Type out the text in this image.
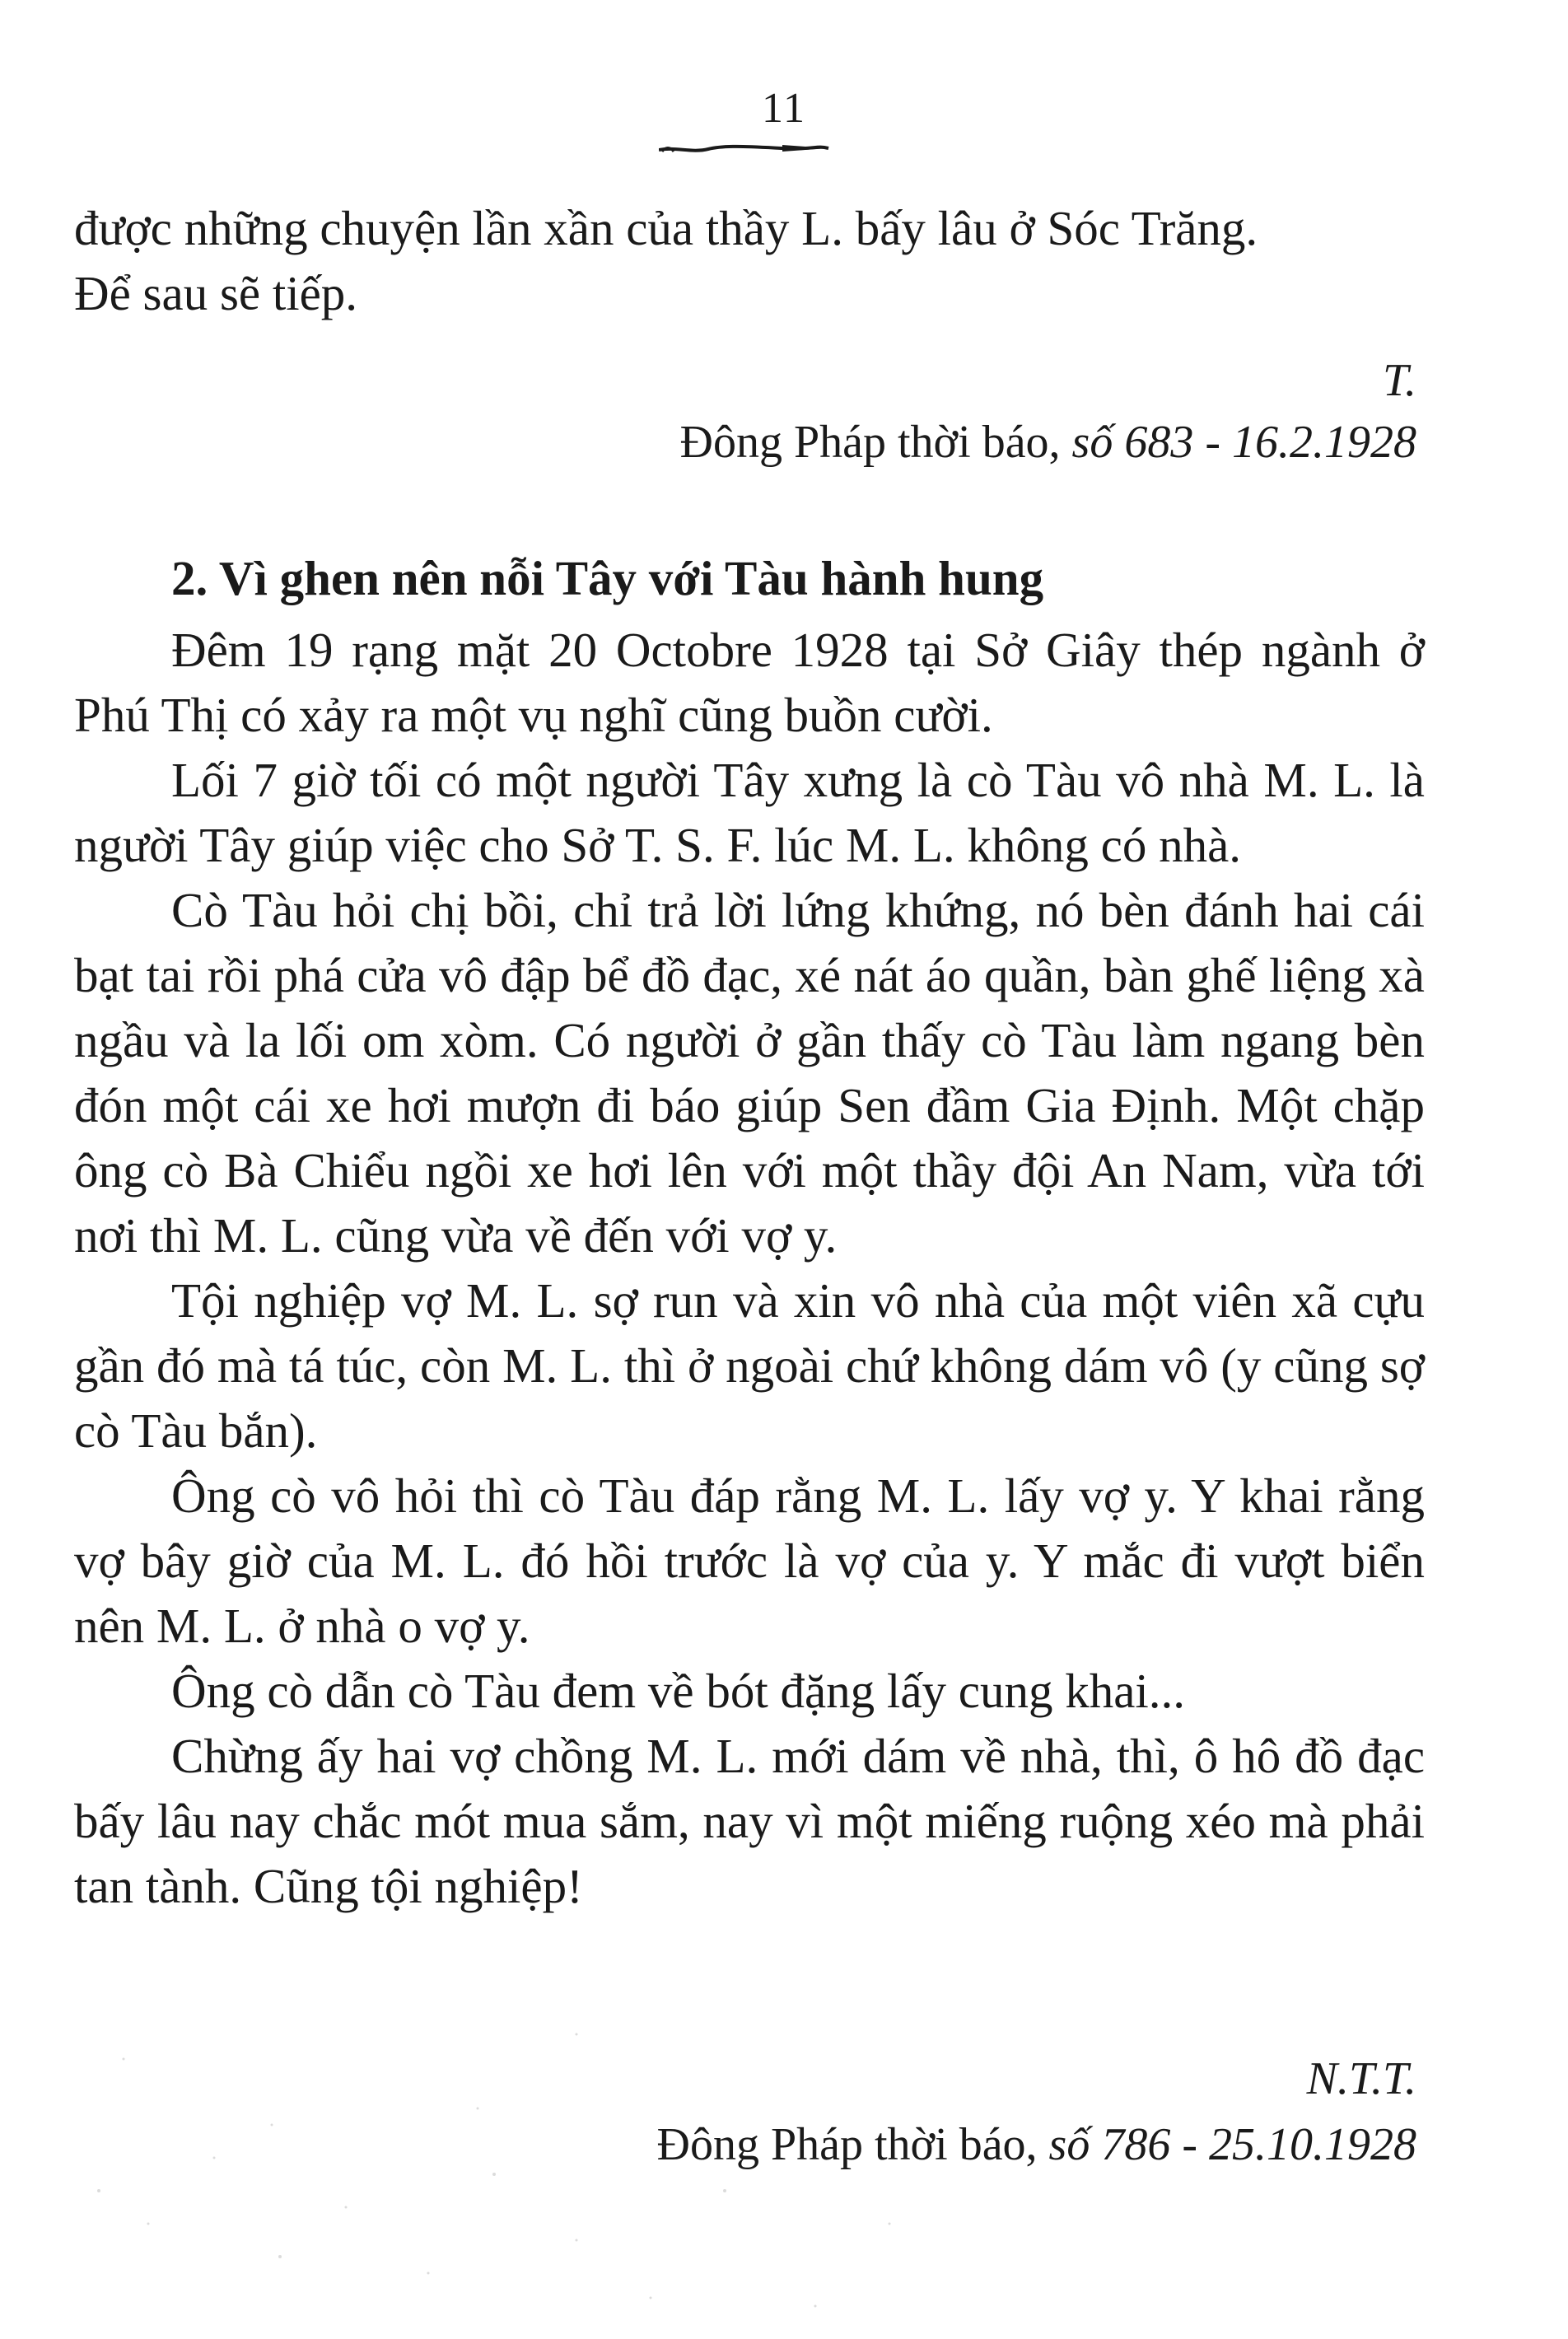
11

được những chuyện lần xần của thầy L. bấy lâu ở Sóc Trăng.

Để sau sẽ tiếp.

T.
Đông Pháp thời báo, số 683 - 16.2.1928
2. Vì ghen nên nỗi Tây với Tàu hành hung

Đêm 19 rạng mặt 20 Octobre 1928 tại Sở Giây thép ngành ở Phú Thị có xảy ra một vụ nghĩ cũng buồn cười.

Lối 7 giờ tối có một người Tây xưng là cò Tàu vô nhà M. L. là người Tây giúp việc cho Sở T. S. F. lúc M. L. không có nhà.

Cò Tàu hỏi chị bồi, chỉ trả lời lứng khứng, nó bèn đánh hai cái bạt tai rồi phá cửa vô đập bể đồ đạc, xé nát áo quần, bàn ghế liệng xà ngầu và la lối om xòm. Có người ở gần thấy cò Tàu làm ngang bèn đón một cái xe hơi mượn đi báo giúp Sen đầm Gia Định. Một chặp ông cò Bà Chiểu ngồi xe hơi lên với một thầy đội An Nam, vừa tới nơi thì M. L. cũng vừa về đến với vợ y.

Tội nghiệp vợ M. L. sợ run và xin vô nhà của một viên xã cựu gần đó mà tá túc, còn M. L. thì ở ngoài chứ không dám vô (y cũng sợ cò Tàu bắn).

Ông cò vô hỏi thì cò Tàu đáp rằng M. L. lấy vợ y. Y khai rằng vợ bây giờ của M. L. đó hồi trước là vợ của y. Y mắc đi vượt biển nên M. L. ở nhà o vợ y.

Ông cò dẫn cò Tàu đem về bót đặng lấy cung khai...

Chừng ấy hai vợ chồng M. L. mới dám về nhà, thì, ô hô đồ đạc bấy lâu nay chắc mót mua sắm, nay vì một miếng ruộng xéo mà phải tan tành. Cũng tội nghiệp!

N.T.T.
Đông Pháp thời báo, số 786 - 25.10.1928
